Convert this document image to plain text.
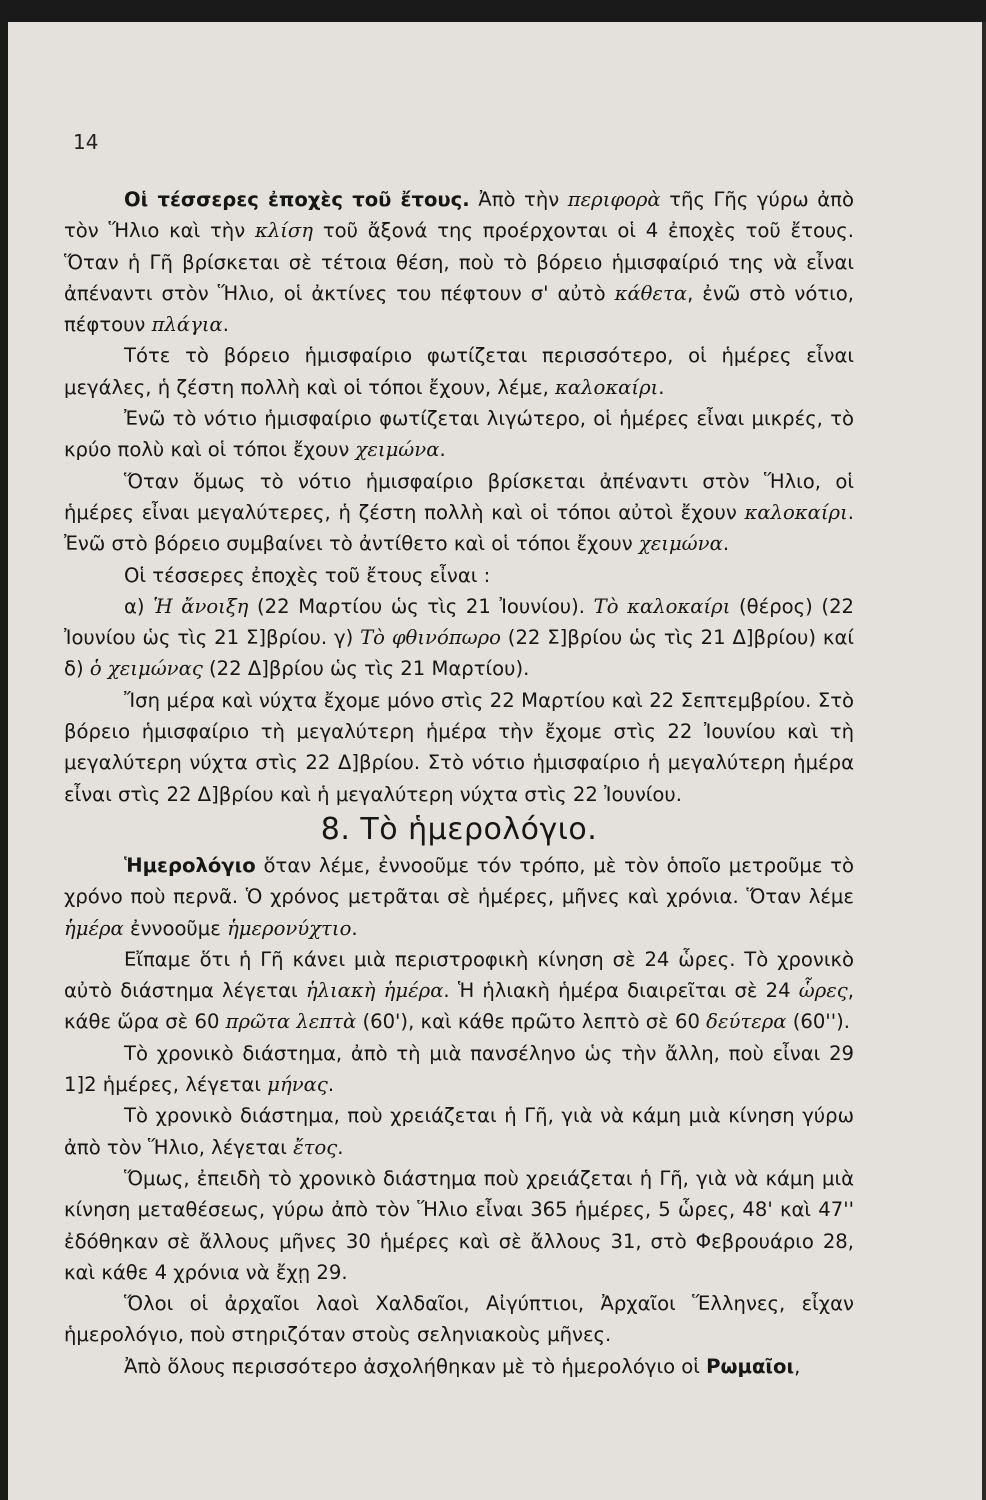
14

Οἱ τέσσερες ἐποχὲς τοῦ ἔτους. Ἀπὸ τὴν περιφορὰ τῆς Γῆς γύρω ἀπὸ τὸν Ἥλιο καὶ τὴν κλίση τοῦ ἄξονά της προέρχονται οἱ 4 ἐποχὲς τοῦ ἔτους. Ὅταν ἡ Γῆ βρίσκεται σὲ τέτοια θέση, ποὺ τὸ βόρειο ἡμισφαίριό της νὰ εἶναι ἀπέναντι στὸν Ἥλιο, οἱ ἀκτίνες του πέφτουν σ' αὐτὸ κάθετα, ἐνῶ στὸ νότιο, πέφτουν πλάγια.

Τότε τὸ βόρειο ἡμισφαίριο φωτίζεται περισσότερο, οἱ ἡμέρες εἶναι μεγάλες, ἡ ζέστη πολλὴ καὶ οἱ τόποι ἔχουν, λέμε, καλοκαίρι.

Ἐνῶ τὸ νότιο ἡμισφαίριο φωτίζεται λιγώτερο, οἱ ἡμέρες εἶναι μικρές, τὸ κρύο πολὺ καὶ οἱ τόποι ἔχουν χειμώνα.

Ὅταν ὅμως τὸ νότιο ἡμισφαίριο βρίσκεται ἀπέναντι στὸν Ἥλιο, οἱ ἡμέρες εἶναι μεγαλύτερες, ἡ ζέστη πολλὴ καὶ οἱ τόποι αὐτοὶ ἔχουν καλοκαίρι. Ἐνῶ στὸ βόρειο συμβαίνει τὸ ἀντίθετο καὶ οἱ τόποι ἔχουν χειμώνα.

Οἱ τέσσερες ἐποχὲς τοῦ ἔτους εἶναι :

α) Ἡ ἄνοιξη (22 Μαρτίου ὡς τὶς 21 Ἰουνίου). Τὸ καλοκαίρι (θέρος) (22 Ἰουνίου ὡς τὶς 21 Σ]βρίου. γ) Τὸ φθινόπωρο (22 Σ]βρίου ὡς τὶς 21 Δ]βρίου) καί δ) ὁ χειμώνας (22 Δ]βρίου ὡς τὶς 21 Μαρτίου).

Ἴση μέρα καὶ νύχτα ἔχομε μόνο στὶς 22 Μαρτίου καὶ 22 Σεπτεμβρίου. Στὸ βόρειο ἡμισφαίριο τὴ μεγαλύτερη ἡμέρα τὴν ἔχομε στὶς 22 Ἰουνίου καὶ τὴ μεγαλύτερη νύχτα στὶς 22 Δ]βρίου. Στὸ νότιο ἡμισφαίριο ἡ μεγαλύτερη ἡμέρα εἶναι στὶς 22 Δ]βρίου καὶ ἡ μεγαλύτερη νύχτα στὶς 22 Ἰουνίου.

8. Τὸ ἡμερολόγιο.

Ἡμερολόγιο ὅταν λέμε, ἐννοοῦμε τόν τρόπο, μὲ τὸν ὁποῖο μετροῦμε τὸ χρόνο ποὺ περνᾶ. Ὁ χρόνος μετρᾶται σὲ ἡμέρες, μῆνες καὶ χρόνια. Ὅταν λέμε ἡμέρα ἐννοοῦμε ἡμερονύχτιο.

Εἴπαμε ὅτι ἡ Γῆ κάνει μιὰ περιστροφικὴ κίνηση σὲ 24 ὧρες. Τὸ χρονικὸ αὐτὸ διάστημα λέγεται ἡλιακὴ ἡμέρα. Ἡ ἡλιακὴ ἡμέρα διαιρεῖται σὲ 24 ὧρες, κάθε ὥρα σὲ 60 πρῶτα λεπτὰ (60'), καὶ κάθε πρῶτο λεπτὸ σὲ 60 δεύτερα (60'').

Τὸ χρονικὸ διάστημα, ἀπὸ τὴ μιὰ πανσέληνο ὡς τὴν ἄλλη, ποὺ εἶναι 29 1]2 ἡμέρες, λέγεται μήνας.

Τὸ χρονικὸ διάστημα, ποὺ χρειάζεται ἡ Γῆ, γιὰ νὰ κάμη μιὰ κίνηση γύρω ἀπὸ τὸν Ἥλιο, λέγεται ἔτος.

Ὅμως, ἐπειδὴ τὸ χρονικὸ διάστημα ποὺ χρειάζεται ἡ Γῆ, γιὰ νὰ κάμη μιὰ κίνηση μεταθέσεως, γύρω ἀπὸ τὸν Ἥλιο εἶναι 365 ἡμέρες, 5 ὧρες, 48' καὶ 47'' ἐδόθηκαν σὲ ἄλλους μῆνες 30 ἡμέρες καὶ σὲ ἄλλους 31, στὸ Φεβρουάριο 28, καὶ κάθε 4 χρόνια νὰ ἔχῃ 29.

Ὅλοι οἱ ἀρχαῖοι λαοὶ Χαλδαῖοι, Αἰγύπτιοι, Ἀρχαῖοι Ἕλληνες, εἶχαν ἡμερολόγιο, ποὺ στηριζόταν στοὺς σεληνιακοὺς μῆνες.

Ἀπὸ ὅλους περισσότερο ἀσχολήθηκαν μὲ τὸ ἡμερολόγιο οἱ Ρωμαῖοι,
